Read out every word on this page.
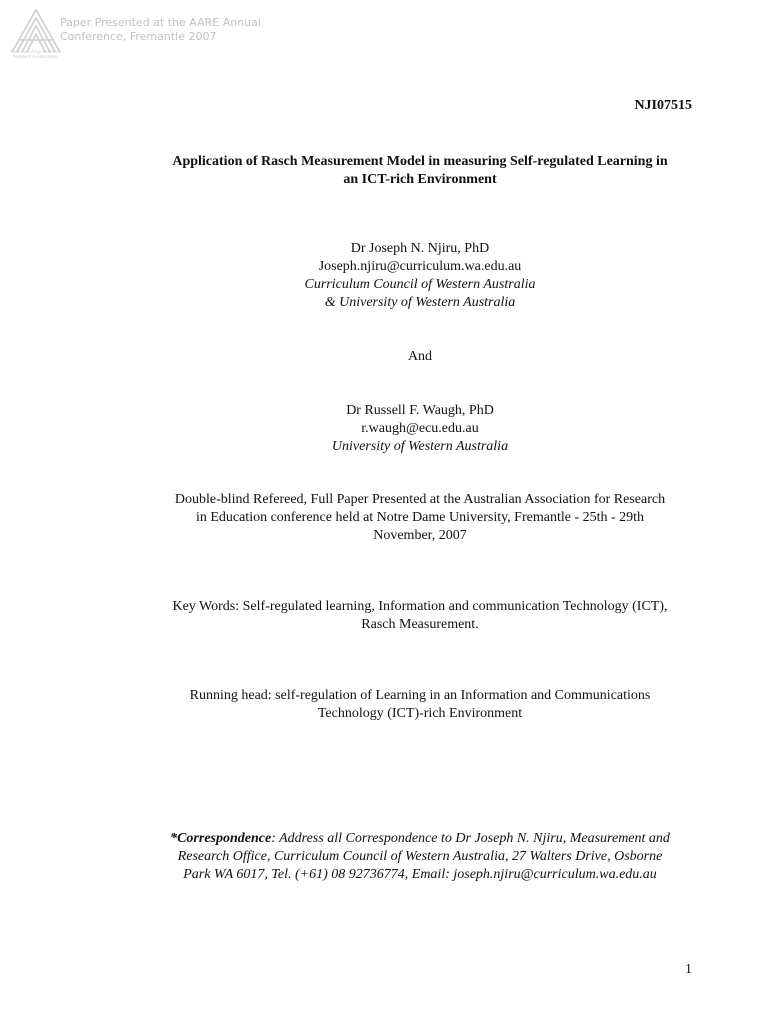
Australian Association for Research in Education
Paper Presented at the AARE Annual
Conference, Fremantle 2007
NJI07515
Application of Rasch Measurement Model in measuring Self-regulated Learning in
an ICT-rich Environment
Dr Joseph N. Njiru, PhD
Joseph.njiru@curriculum.wa.edu.au
Curriculum Council of Western Australia
& University of Western Australia
And
Dr Russell F. Waugh, PhD
r.waugh@ecu.edu.au
University of Western Australia
Double-blind Refereed, Full Paper Presented at the Australian Association for Research
in Education conference held at Notre Dame University, Fremantle - 25th - 29th
November, 2007
Key Words: Self-regulated learning, Information and communication Technology (ICT),
Rasch Measurement.
Running head: self-regulation of Learning in an Information and Communications
Technology (ICT)-rich Environment
*Correspondence: Address all Correspondence to Dr Joseph N. Njiru, Measurement and
Research Office, Curriculum Council of Western Australia, 27 Walters Drive, Osborne
Park WA 6017, Tel. (+61) 08 92736774, Email: joseph.njiru@curriculum.wa.edu.au
1
